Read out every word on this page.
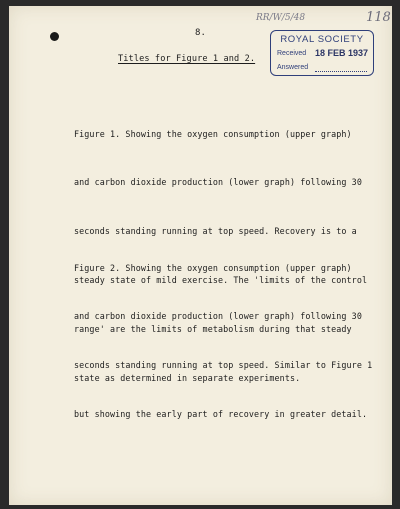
8.
RR/W/5/48	118
ROYAL SOCIETY
Received 18 FEB 1937
Answered
Titles for Figure 1 and 2.

Figure 1. Showing the oxygen consumption (upper graph)

and carbon dioxide production (lower graph) following 30

seconds standing running at top speed. Recovery is to a

steady state of mild exercise. The 'limits of the control

range' are the limits of metabolism during that steady

state as determined in separate experiments.

Figure 2. Showing the oxygen consumption (upper graph)

and carbon dioxide production (lower graph) following 30

seconds standing running at top speed. Similar to Figure 1

but showing the early part of recovery in greater detail.
